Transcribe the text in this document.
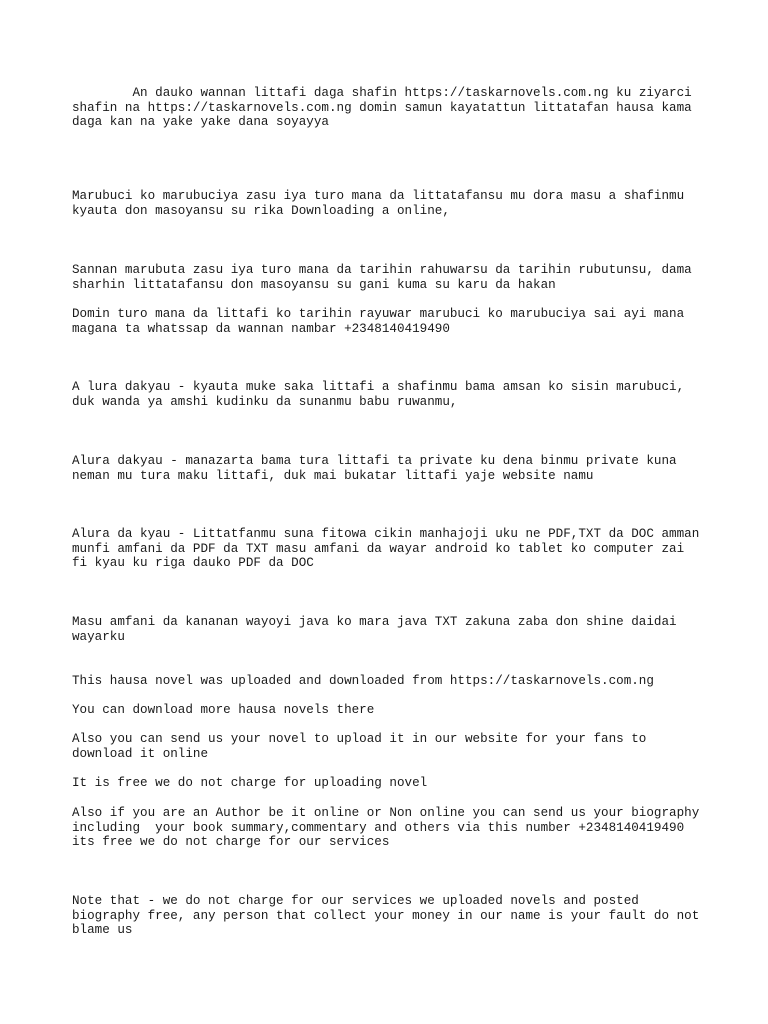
An dauko wannan littafi daga shafin https://taskarnovels.com.ng ku ziyarci
shafin na https://taskarnovels.com.ng domin samun kayatattun littatafan hausa kama
daga kan na yake yake dana soyayya

Marubuci ko marubuciya zasu iya turo mana da littatafansu mu dora masu a shafinmu
kyauta don masoyansu su rika Downloading a online,

Sannan marubuta zasu iya turo mana da tarihin rahuwarsu da tarihin rubutunsu, dama
sharhin littatafansu don masoyansu su gani kuma su karu da hakan

Domin turo mana da littafi ko tarihin rayuwar marubuci ko marubuciya sai ayi mana
magana ta whatssap da wannan nambar +2348140419490

A lura dakyau - kyauta muke saka littafi a shafinmu bama amsan ko sisin marubuci,
duk wanda ya amshi kudinku da sunanmu babu ruwanmu,

Alura dakyau - manazarta bama tura littafi ta private ku dena binmu private kuna
neman mu tura maku littafi, duk mai bukatar littafi yaje website namu

Alura da kyau - Littatfanmu suna fitowa cikin manhajoji uku ne PDF,TXT da DOC amman
munfi amfani da PDF da TXT masu amfani da wayar android ko tablet ko computer zai
fi kyau ku riga dauko PDF da DOC

Masu amfani da kananan wayoyi java ko mara java TXT zakuna zaba don shine daidai
wayarku

This hausa novel was uploaded and downloaded from https://taskarnovels.com.ng

You can download more hausa novels there

Also you can send us your novel to upload it in our website for your fans to
download it online

It is free we do not charge for uploading novel

Also if you are an Author be it online or Non online you can send us your biography
including  your book summary,commentary and others via this number +2348140419490
its free we do not charge for our services

Note that - we do not charge for our services we uploaded novels and posted
biography free, any person that collect your money in our name is your fault do not
blame us
